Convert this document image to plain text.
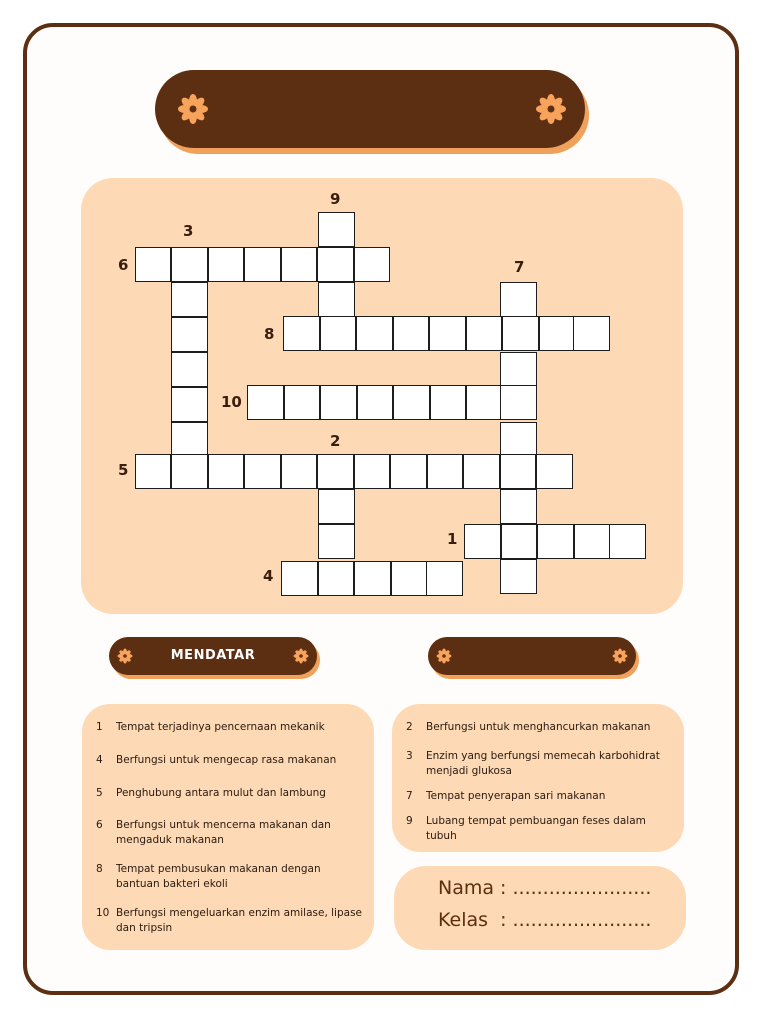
9
3
6	7
8
10
2
5
1
4
MENDATAR
1 Tempat terjadinya pencernaan mekanik
4 Berfungsi untuk mengecap rasa makanan
5 Penghubung antara mulut dan lambung
6 Berfungsi untuk mencerna makanan dan mengaduk makanan
8 Tempat pembusukan makanan dengan bantuan bakteri ekoli
10 Berfungsi mengeluarkan enzim amilase, lipase dan tripsin
2 Berfungsi untuk menghancurkan makanan
3 Enzim yang berfungsi memecah karbohidrat menjadi glukosa
7 Tempat penyerapan sari makanan
9 Lubang tempat pembuangan feses dalam tubuh
Nama : .......................
Kelas  : .......................
